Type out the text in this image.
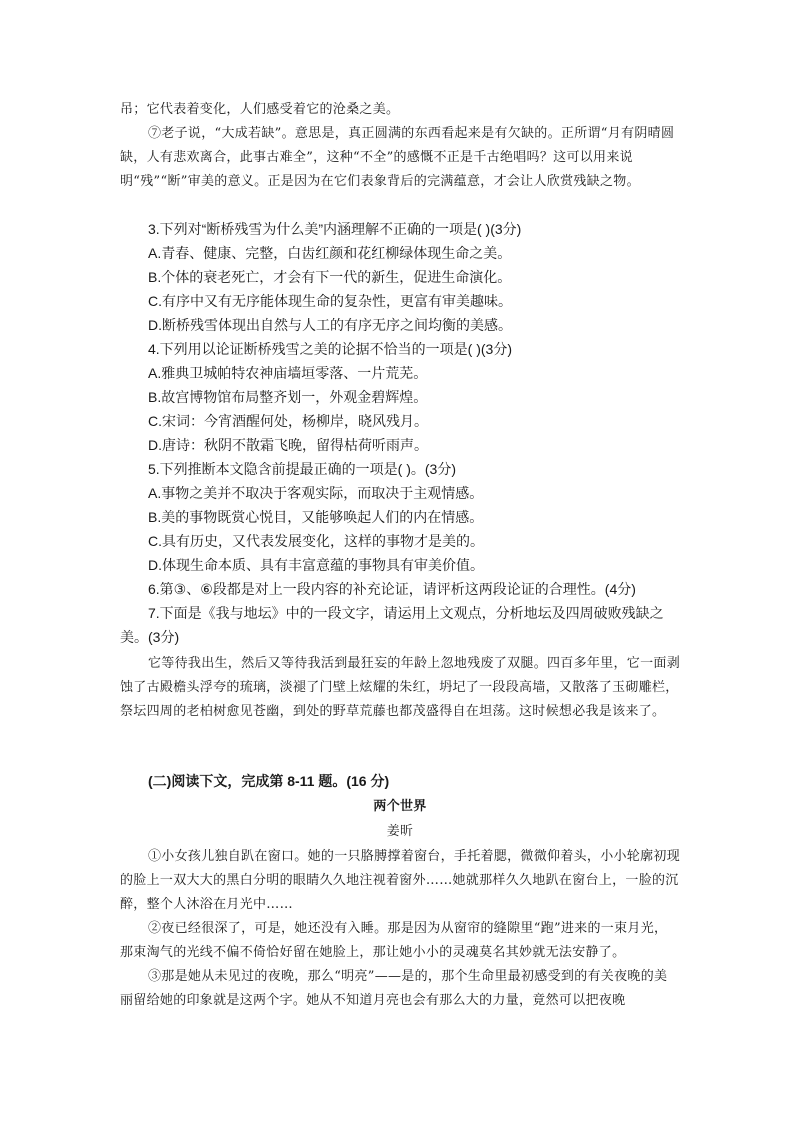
吊；它代表着变化，人们感受着它的沧桑之美。

⑦老子说，“大成若缺”。意思是，真正圆满的东西看起来是有欠缺的。正所谓“月有阴晴圆缺，人有悲欢离合，此事古难全”，这种“不全”的感慨不正是千古绝唱吗？这可以用来说明“残”“断”审美的意义。正是因为在它们表象背后的完满蕴意，才会让人欣赏残缺之物。

3.下列对“断桥残雪为什么美”内涵理解不正确的一项是( )(3分)

A.青春、健康、完整，白齿红颜和花红柳绿体现生命之美。

B.个体的衰老死亡，才会有下一代的新生，促进生命演化。

C.有序中又有无序能体现生命的复杂性，更富有审美趣味。

D.断桥残雪体现出自然与人工的有序无序之间均衡的美感。

4.下列用以论证断桥残雪之美的论据不恰当的一项是( )(3分)

A.雅典卫城帕特农神庙墙垣零落、一片荒芜。

B.故宫博物馆布局整齐划一，外观金碧辉煌。

C.宋词：今宵酒醒何处，杨柳岸，晓风残月。

D.唐诗：秋阴不散霜飞晚，留得枯荷听雨声。

5.下列推断本文隐含前提最正确的一项是( )。(3分)

A.事物之美并不取决于客观实际，而取决于主观情感。

B.美的事物既赏心悦目，又能够唤起人们的内在情感。

C.具有历史，又代表发展变化，这样的事物才是美的。

D.体现生命本质、具有丰富意蕴的事物具有审美价值。

6.第③、⑥段都是对上一段内容的补充论证，请评析这两段论证的合理性。(4分)

7.下面是《我与地坛》中的一段文字，请运用上文观点，分析地坛及四周破败残缺之美。(3分)

它等待我出生，然后又等待我活到最狂妄的年龄上忽地残废了双腿。四百多年里，它一面剥蚀了古殿檐头浮夸的琉璃，淡褪了门壁上炫耀的朱红，坍圮了一段段高墙，又散落了玉砌雕栏，祭坛四周的老柏树愈见苍幽，到处的野草荒藤也都茂盛得自在坦荡。这时候想必我是该来了。

(二)阅读下文，完成第 8-11 题。(16 分)

两个世界

姜昕

①小女孩儿独自趴在窗口。她的一只胳膊撑着窗台，手托着腮，微微仰着头，小小轮廓初现的脸上一双大大的黑白分明的眼睛久久地注视着窗外……她就那样久久地趴在窗台上，一脸的沉醉，整个人沐浴在月光中……

②夜已经很深了，可是，她还没有入睡。那是因为从窗帘的缝隙里“跑”进来的一束月光，那束淘气的光线不偏不倚恰好留在她脸上，那让她小小的灵魂莫名其妙就无法安静了。

③那是她从未见过的夜晚，那么“明亮”——是的，那个生命里最初感受到的有关夜晚的美丽留给她的印象就是这两个字。她从不知道月亮也会有那么大的力量，竟然可以把夜晚
